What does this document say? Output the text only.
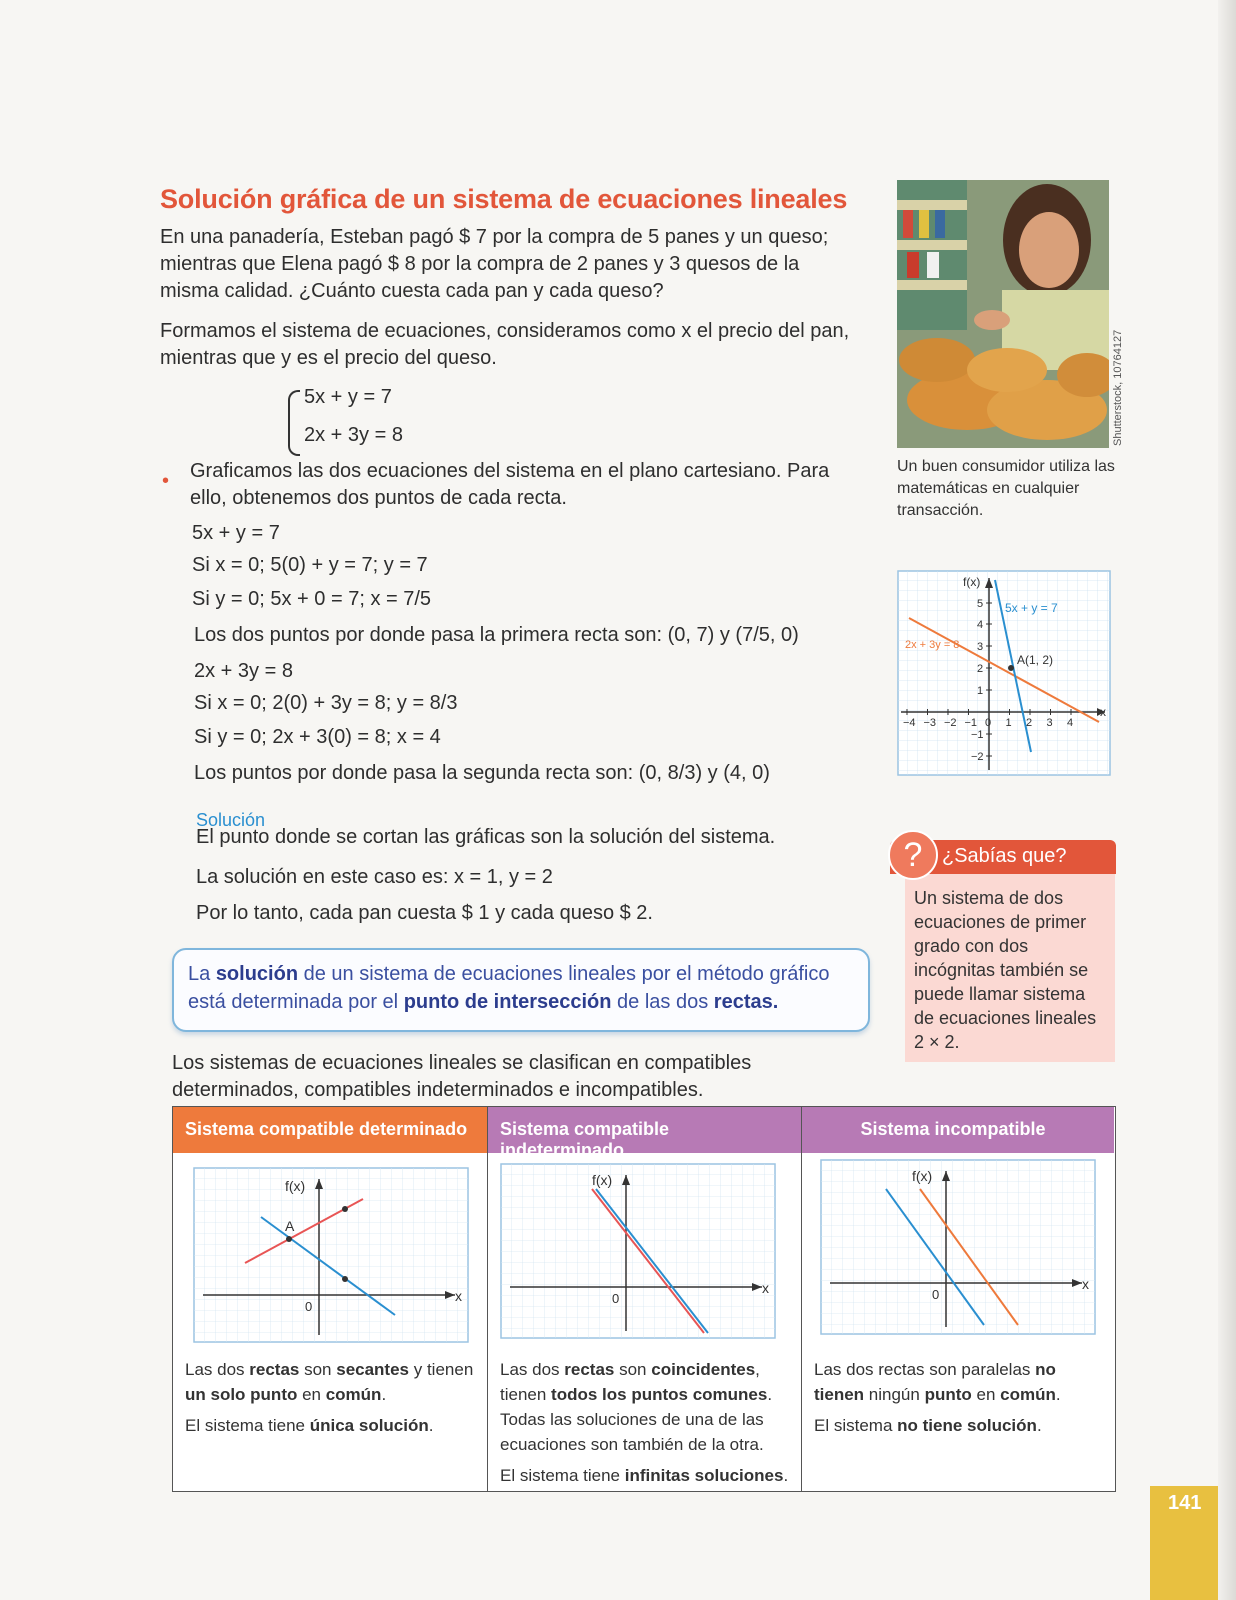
Solución gráfica de un sistema de ecuaciones lineales

En una panadería, Esteban pagó $ 7 por la compra de 5 panes y un queso; mientras que Elena pagó $ 8 por la compra de 2 panes y 3 quesos de la misma calidad. ¿Cuánto cuesta cada pan y cada queso?

Formamos el sistema de ecuaciones, consideramos como x el precio del pan, mientras que y es el precio del queso.

5x + y = 7
2x + 3y = 8
• Graficamos las dos ecuaciones del sistema en el plano cartesiano. Para ello, obtenemos dos puntos de cada recta.

5x + y = 7
Si x = 0; 5(0) + y = 7; y = 7
Si y = 0; 5x + 0 = 7; x = 7/5
Los dos puntos por donde pasa la primera recta son: (0, 7) y (7/5, 0)
2x + 3y = 8
Si x = 0; 2(0) + 3y = 8; y = 8/3
Si y = 0; 2x + 3(0) = 8; x = 4
Los puntos por donde pasa la segunda recta son: (0, 8/3) y (4, 0)
Solución
El punto donde se cortan las gráficas son la solución del sistema.
La solución en este caso es: x = 1, y = 2
Por lo tanto, cada pan cuesta $ 1 y cada queso $ 2.
La solución de un sistema de ecuaciones lineales por el método gráfico está determinada por el punto de intersección de las dos rectas.

Los sistemas de ecuaciones lineales se clasifican en compatibles determinados, compatibles indeterminados e incompatibles.

Shutterstock, 10764127
Un buen consumidor utiliza las matemáticas en cualquier transacción.
f(x)
x
5x + y = 7
2x + 3y = 8
A(1, 2)
−4 −3 −2 −1 0 1 2 3 4
5
4
3
2
1
−1
−2
¿Sabías que?
?

Un sistema de dos ecuaciones de primer grado con dos incógnitas también se puede llamar sistema de ecuaciones lineales 2 × 2.

Sistema compatible determinado
f(x)
x
0
A

Las dos rectas son secantes y tienen un solo punto en común.

El sistema tiene única solución.

Sistema compatible indeterminado
f(x)
x
0

Las dos rectas son coincidentes, tienen todos los puntos comunes. Todas las soluciones de una de las ecuaciones son también de la otra.

El sistema tiene infinitas soluciones.

Sistema incompatible
f(x)
x
0

Las dos rectas son paralelas no tienen ningún punto en común.

El sistema no tiene solución.

141
